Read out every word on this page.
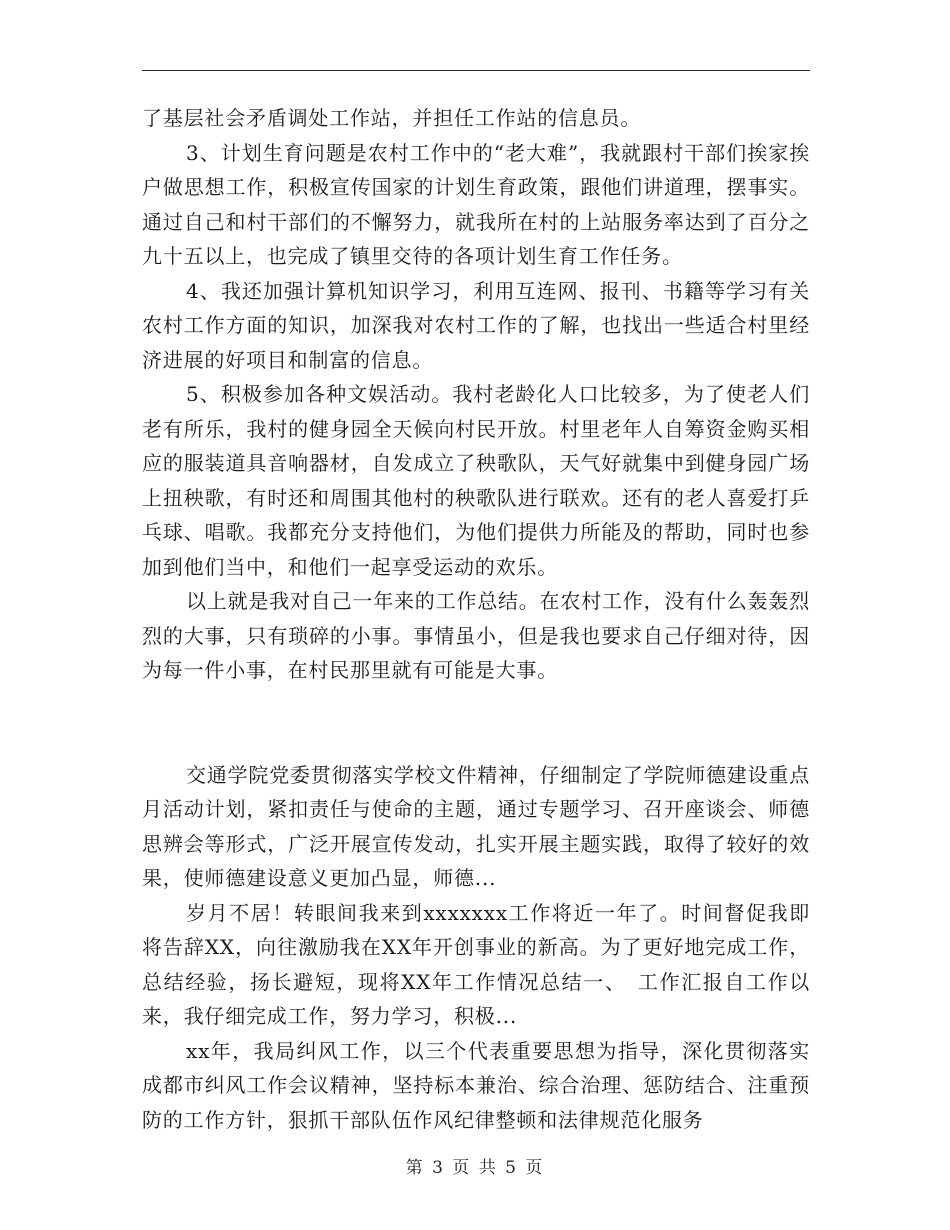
了基层社会矛盾调处工作站，并担任工作站的信息员。

3、计划生育问题是农村工作中的“老大难”，我就跟村干部们挨家挨户做思想工作，积极宣传国家的计划生育政策，跟他们讲道理，摆事实。通过自己和村干部们的不懈努力，就我所在村的上站服务率达到了百分之九十五以上，也完成了镇里交待的各项计划生育工作任务。

4、我还加强计算机知识学习，利用互连网、报刊、书籍等学习有关农村工作方面的知识，加深我对农村工作的了解，也找出一些适合村里经济进展的好项目和制富的信息。

5、积极参加各种文娱活动。我村老龄化人口比较多，为了使老人们老有所乐，我村的健身园全天候向村民开放。村里老年人自筹资金购买相应的服装道具音响器材，自发成立了秧歌队，天气好就集中到健身园广场上扭秧歌，有时还和周围其他村的秧歌队进行联欢。还有的老人喜爱打乒乓球、唱歌。我都充分支持他们，为他们提供力所能及的帮助，同时也参加到他们当中，和他们一起享受运动的欢乐。

以上就是我对自己一年来的工作总结。在农村工作，没有什么轰轰烈烈的大事，只有琐碎的小事。事情虽小，但是我也要求自己仔细对待，因为每一件小事，在村民那里就有可能是大事。

交通学院党委贯彻落实学校文件精神，仔细制定了学院师德建设重点月活动计划，紧扣责任与使命的主题，通过专题学习、召开座谈会、师德思辨会等形式，广泛开展宣传发动，扎实开展主题实践，取得了较好的效果，使师德建设意义更加凸显，师德...

岁月不居！转眼间我来到xxxxxxx工作将近一年了。时间督促我即将告辞XX，向往激励我在XX年开创事业的新高。为了更好地完成工作，总结经验，扬长避短，现将XX年工作情况总结一、　工作汇报自工作以来，我仔细完成工作，努力学习，积极...

xx年，我局纠风工作，以三个代表重要思想为指导，深化贯彻落实成都市纠风工作会议精神，坚持标本兼治、综合治理、惩防结合、注重预防的工作方针，狠抓干部队伍作风纪律整顿和法律规范化服务

第 3 页 共 5 页
